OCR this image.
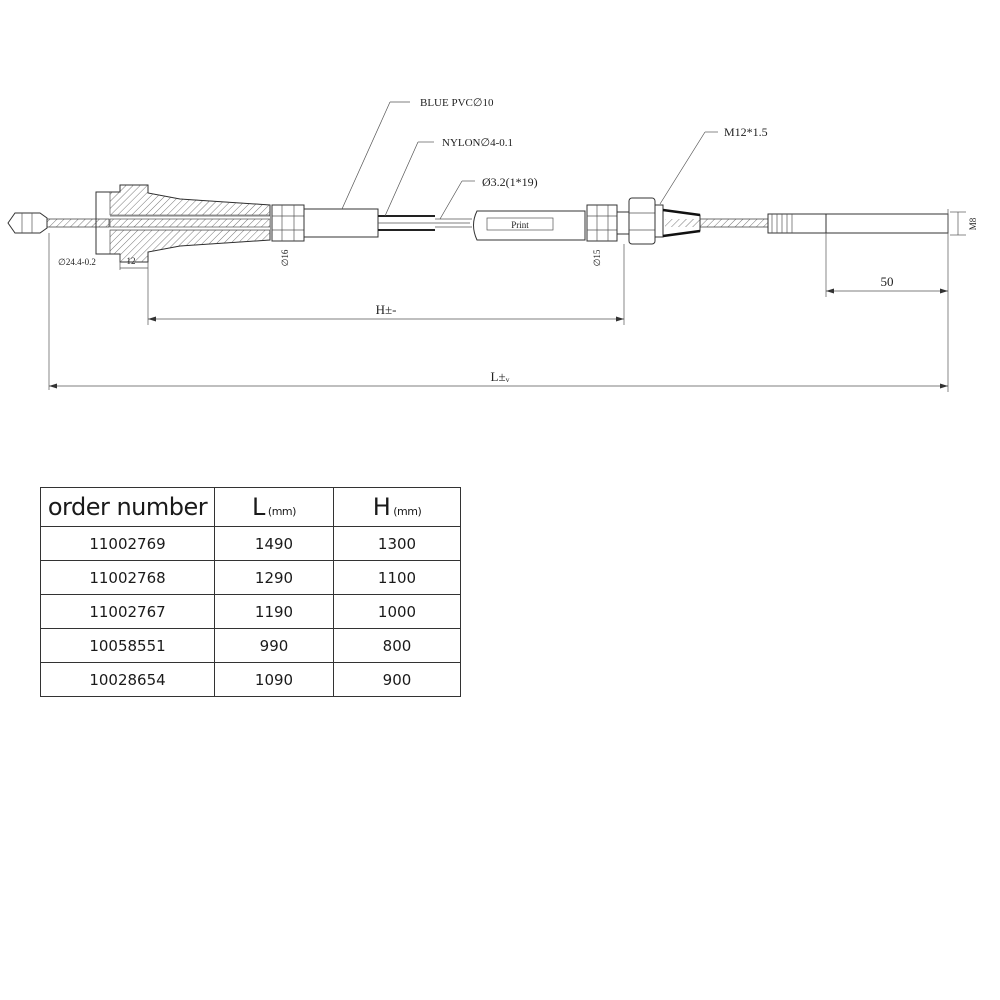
Print	M8
BLUE PVC∅10
NYLON∅4-0.1
Ø3.2(1*19)
M12*1.5
∅24.4-0.2	12	∅16	∅15
50
H±-
L±ᵥ
order number	L (mm)	H (mm)
11002769	1490	1300
11002768	1290	1100
11002767	1190	1000
10058551	990	800
10028654	1090	900
